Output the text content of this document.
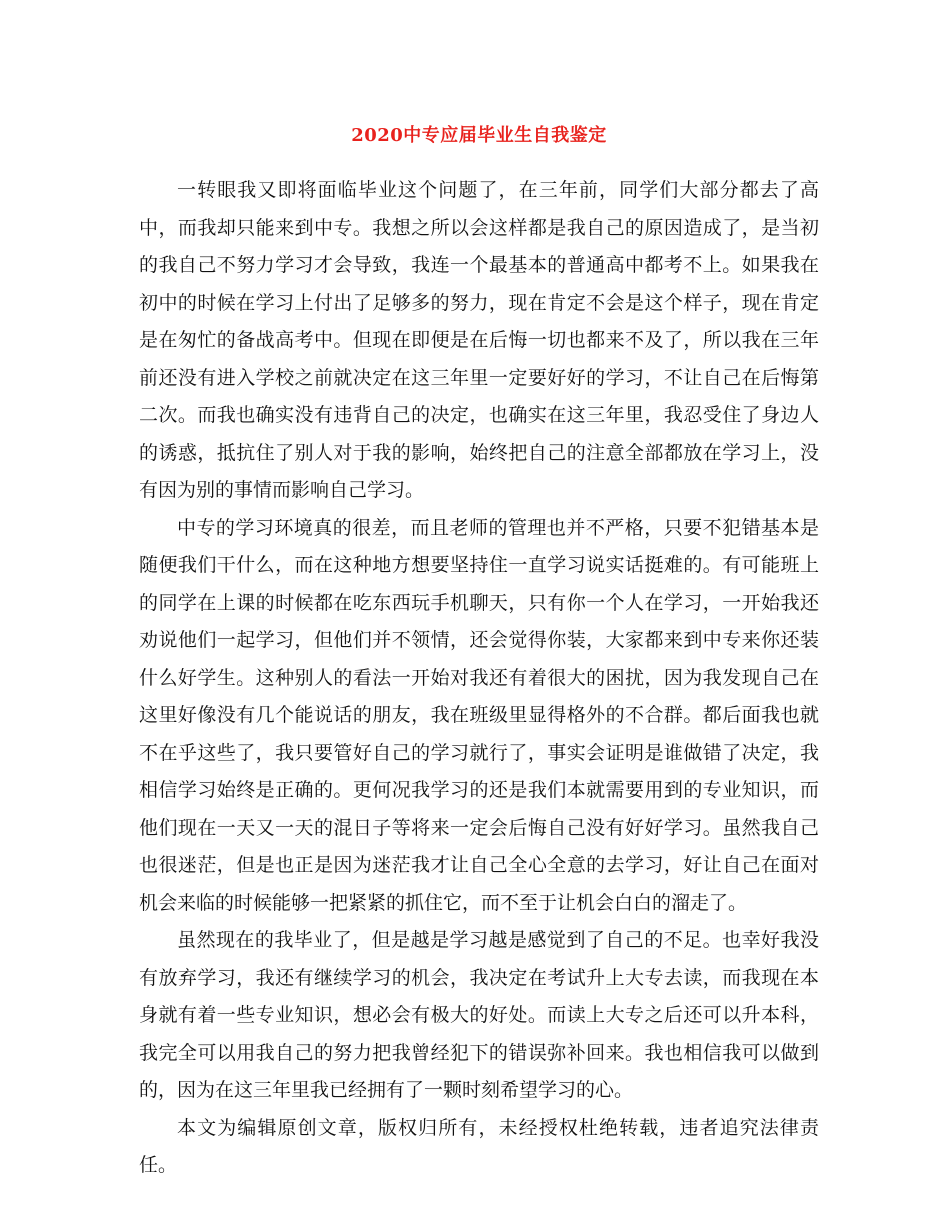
2020中专应届毕业生自我鉴定

一转眼我又即将面临毕业这个问题了，在三年前，同学们大部分都去了高中，而我却只能来到中专。我想之所以会这样都是我自己的原因造成了，是当初的我自己不努力学习才会导致，我连一个最基本的普通高中都考不上。如果我在初中的时候在学习上付出了足够多的努力，现在肯定不会是这个样子，现在肯定是在匆忙的备战高考中。但现在即便是在后悔一切也都来不及了，所以我在三年前还没有进入学校之前就决定在这三年里一定要好好的学习，不让自己在后悔第二次。而我也确实没有违背自己的决定，也确实在这三年里，我忍受住了身边人的诱惑，抵抗住了别人对于我的影响，始终把自己的注意全部都放在学习上，没有因为别的事情而影响自己学习。

中专的学习环境真的很差，而且老师的管理也并不严格，只要不犯错基本是随便我们干什么，而在这种地方想要坚持住一直学习说实话挺难的。有可能班上的同学在上课的时候都在吃东西玩手机聊天，只有你一个人在学习，一开始我还劝说他们一起学习，但他们并不领情，还会觉得你装，大家都来到中专来你还装什么好学生。这种别人的看法一开始对我还有着很大的困扰，因为我发现自己在这里好像没有几个能说话的朋友，我在班级里显得格外的不合群。都后面我也就不在乎这些了，我只要管好自己的学习就行了，事实会证明是谁做错了决定，我相信学习始终是正确的。更何况我学习的还是我们本就需要用到的专业知识，而他们现在一天又一天的混日子等将来一定会后悔自己没有好好学习。虽然我自己也很迷茫，但是也正是因为迷茫我才让自己全心全意的去学习，好让自己在面对机会来临的时候能够一把紧紧的抓住它，而不至于让机会白白的溜走了。

虽然现在的我毕业了，但是越是学习越是感觉到了自己的不足。也幸好我没有放弃学习，我还有继续学习的机会，我决定在考试升上大专去读，而我现在本身就有着一些专业知识，想必会有极大的好处。而读上大专之后还可以升本科，我完全可以用我自己的努力把我曾经犯下的错误弥补回来。我也相信我可以做到的，因为在这三年里我已经拥有了一颗时刻希望学习的心。

本文为编辑原创文章，版权归所有，未经授权杜绝转载，违者追究法律责任。
